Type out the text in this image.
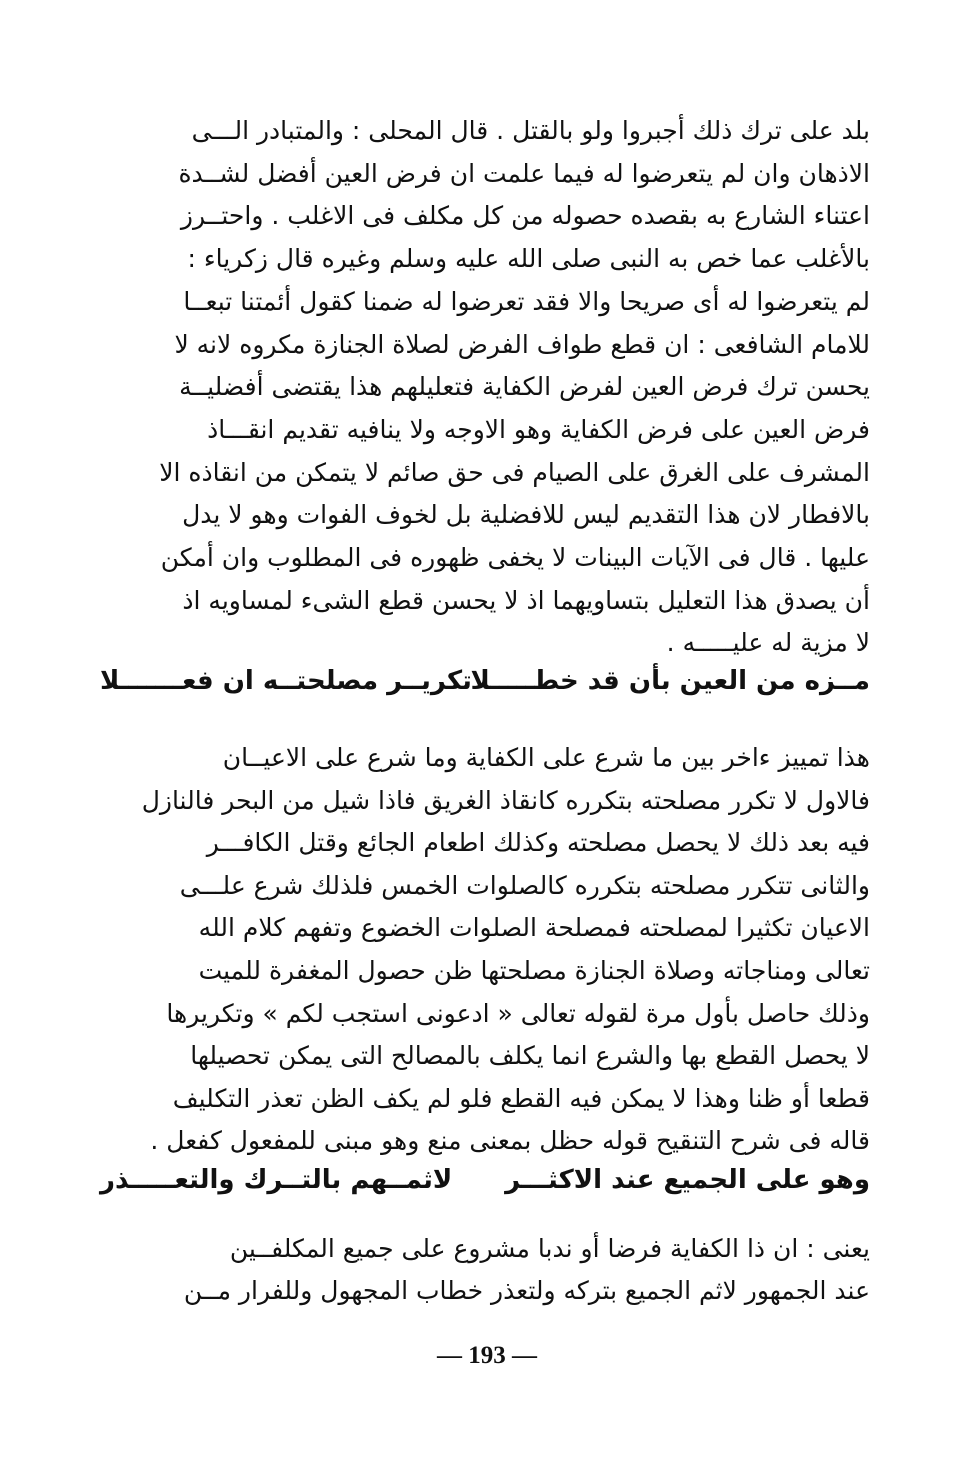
بلد على ترك ذلك أجبروا ولو بالقتل . قال المحلى : والمتبادر الـــى

الاذهان وان لم يتعرضوا له فيما علمت ان فرض العين أفضل لشــدة

اعتناء الشارع به بقصده حصوله من كل مكلف فى الاغلب . واحتــرز

بالأغلب عما خص به النبى صلى الله عليه وسلم وغيره قال زكرياء :

لم يتعرضوا له أى صريحا والا فقد تعرضوا له ضمنا كقول أئمتنا تبعــا

للامام الشافعى : ان قطع طواف الفرض لصلاة الجنازة مكروه لانه لا

يحسن ترك فرض العين لفرض الكفاية فتعليلهم هذا يقتضى أفضليــة

فرض العين على فرض الكفاية وهو الاوجه ولا ينافيه تقديم انقـــاذ

المشرف على الغرق على الصيام فى حق صائم لا يتمكن من انقاذه الا

بالافطار لان هذا التقديم ليس للافضلية بل لخوف الفوات وهو لا يدل

عليها . قال فى الآيات البينات لا يخفى ظهوره فى المطلوب وان أمكن

أن يصدق هذا التعليل بتساويهما اذ لا يحسن قطع الشىء لمساويه اذ

لا مزية له عليـــــه .

مــزه من العين بأن قد خطـــــلا
تكريــر مصلحتــه ان فعـــــــلا

هذا تمييز ءاخر بين ما شرع على الكفاية وما شرع على الاعيــان

فالاول لا تكرر مصلحته بتكرره كانقاذ الغريق فاذا شيل من البحر فالنازل

فيه بعد ذلك لا يحصل مصلحته وكذلك اطعام الجائع وقتل الكافـــر

والثانى تتكرر مصلحته بتكرره كالصلوات الخمس فلذلك شرع علـــى

الاعيان تكثيرا لمصلحته فمصلحة الصلوات الخضوع وتفهم كلام الله

تعالى ومناجاته وصلاة الجنازة مصلحتها ظن حصول المغفرة للميت

وذلك حاصل بأول مرة لقوله تعالى « ادعونى استجب لكم » وتكريرها

لا يحصل القطع بها والشرع انما يكلف بالمصالح التى يمكن تحصيلها

قطعا أو ظنا وهذا لا يمكن فيه القطع فلو لم يكف الظن تعذر التكليف

قاله فى شرح التنقيح قوله حظل بمعنى منع وهو مبنى للمفعول كفعل .

وهو على الجميع عند الاكثـــر
لاثمــهم بالتــرك والتعـــــذر

يعنى : ان ذا الكفاية فرضا أو ندبا مشروع على جميع المكلفــين

عند الجمهور لاثم الجميع بتركه ولتعذر خطاب المجهول وللفرار مــن

— 193 —
